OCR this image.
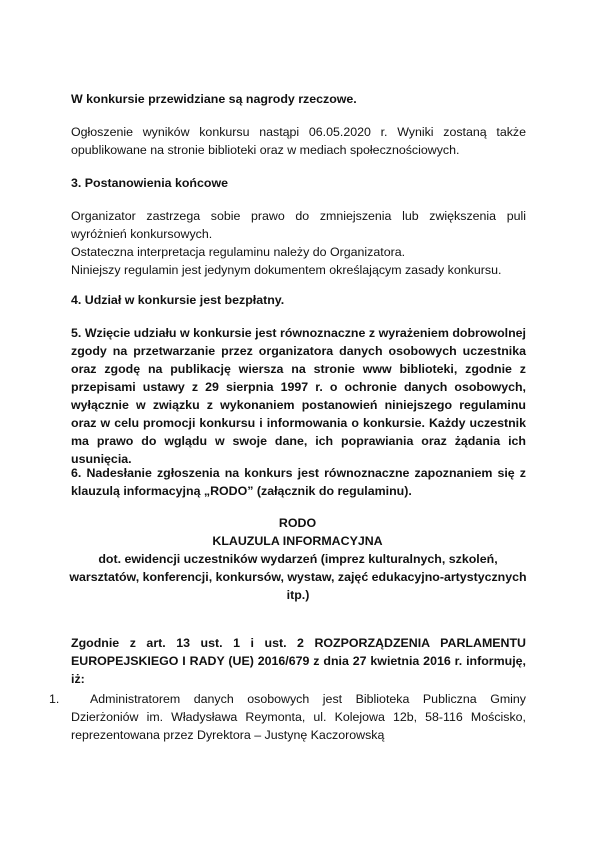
W konkursie przewidziane są nagrody rzeczowe.

Ogłoszenie wyników konkursu nastąpi 06.05.2020 r. Wyniki zostaną także opublikowane na stronie biblioteki oraz w mediach społecznościowych.

3. Postanowienia końcowe

Organizator zastrzega sobie prawo do zmniejszenia lub zwiększenia puli wyróżnień konkursowych.
Ostateczna interpretacja regulaminu należy do Organizatora.
Niniejszy regulamin jest jedynym dokumentem określającym zasady konkursu.

4. Udział w konkursie jest bezpłatny.

5. Wzięcie udziału w konkursie jest równoznaczne z wyrażeniem dobrowolnej zgody na przetwarzanie przez organizatora danych osobowych uczestnika oraz zgodę na publikację wiersza na stronie www biblioteki, zgodnie z przepisami ustawy z 29 sierpnia 1997 r. o ochronie danych osobowych, wyłącznie w związku z wykonaniem postanowień niniejszego regulaminu oraz w celu promocji konkursu i informowania o konkursie. Każdy uczestnik ma prawo do wglądu w swoje dane, ich poprawiania oraz żądania ich usunięcia.

6. Nadesłanie zgłoszenia na konkurs jest równoznaczne zapoznaniem się z klauzulą informacyjną „RODO” (załącznik do regulaminu).

RODO

KLAUZULA INFORMACYJNA

dot. ewidencji uczestników wydarzeń (imprez kulturalnych, szkoleń, warsztatów, konferencji, konkursów, wystaw, zajęć edukacyjno-artystycznych itp.)

Zgodnie z art. 13 ust. 1 i ust. 2 ROZPORZĄDZENIA PARLAMENTU EUROPEJSKIEGO I RADY (UE) 2016/679 z dnia 27 kwietnia 2016 r. informuję, iż:

1.	Administratorem danych osobowych jest Biblioteka Publiczna Gminy Dzierżoniów im. Władysława Reymonta, ul. Kolejowa 12b, 58-116 Mościsko, reprezentowana przez Dyrektora – Justynę Kaczorowską
